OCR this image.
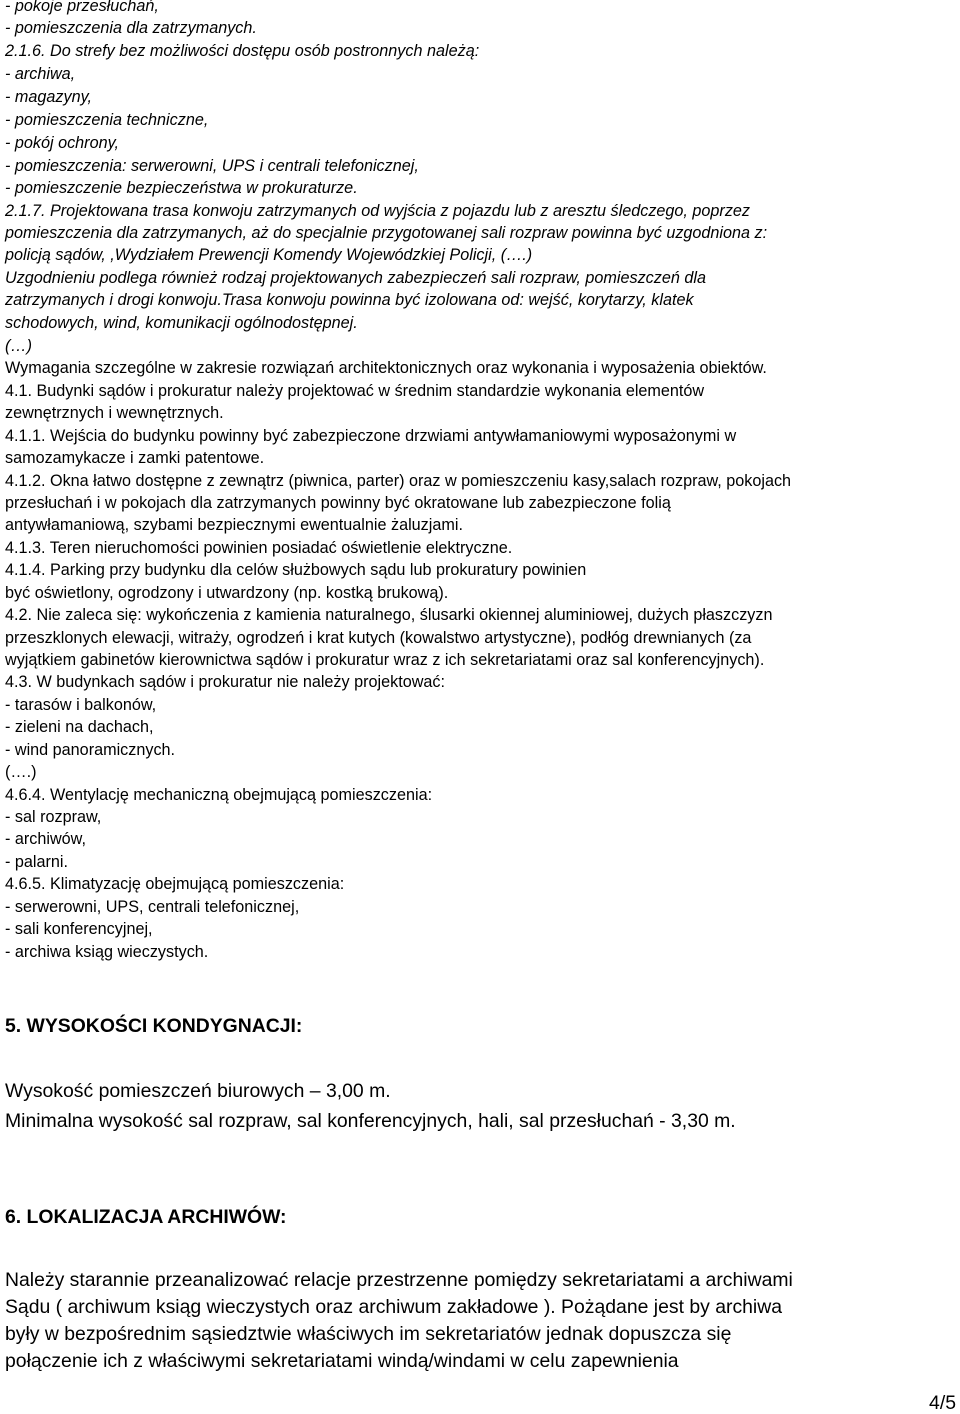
- pokoje przesłuchań,
- pomieszczenia dla zatrzymanych.
2.1.6. Do strefy bez możliwości dostępu osób postronnych należą:
- archiwa,
- magazyny,
- pomieszczenia techniczne,
- pokój ochrony,
- pomieszczenia: serwerowni, UPS i centrali telefonicznej,
- pomieszczenie bezpieczeństwa w prokuraturze.
2.1.7. Projektowana trasa konwoju zatrzymanych od wyjścia z pojazdu lub z aresztu śledczego, poprzez
pomieszczenia dla zatrzymanych, aż do specjalnie przygotowanej sali rozpraw powinna być uzgodniona z:
policją sądów, ,Wydziałem Prewencji Komendy Wojewódzkiej Policji, (….)
Uzgodnieniu podlega również rodzaj projektowanych zabezpieczeń sali rozpraw, pomieszczeń dla
zatrzymanych i drogi konwoju.Trasa konwoju powinna być izolowana od: wejść, korytarzy, klatek
schodowych, wind, komunikacji ogólnodostępnej.
(…)
Wymagania szczególne w zakresie rozwiązań architektonicznych oraz wykonania i wyposażenia obiektów.
4.1. Budynki sądów i prokuratur należy projektować w średnim standardzie wykonania elementów
zewnętrznych i wewnętrznych.
4.1.1. Wejścia do budynku powinny być zabezpieczone drzwiami antywłamaniowymi wyposażonymi w
samozamykacze i zamki patentowe.
4.1.2. Okna łatwo dostępne z zewnątrz (piwnica, parter) oraz w pomieszczeniu kasy,salach rozpraw, pokojach
przesłuchań i w pokojach dla zatrzymanych powinny być okratowane lub zabezpieczone folią
antywłamaniową, szybami bezpiecznymi ewentualnie żaluzjami.
4.1.3. Teren nieruchomości powinien posiadać oświetlenie elektryczne.
4.1.4. Parking przy budynku dla celów służbowych sądu lub prokuratury powinien
być oświetlony, ogrodzony i utwardzony (np. kostką brukową).
4.2. Nie zaleca się: wykończenia z kamienia naturalnego, ślusarki okiennej aluminiowej, dużych płaszczyzn
przeszklonych elewacji, witraży, ogrodzeń i krat kutych (kowalstwo artystyczne), podłóg drewnianych (za
wyjątkiem gabinetów kierownictwa sądów i prokuratur wraz z ich sekretariatami oraz sal konferencyjnych).
4.3. W budynkach sądów i prokuratur nie należy projektować:
- tarasów i balkonów,
- zieleni na dachach,
- wind panoramicznych.
(….)
4.6.4. Wentylację mechaniczną obejmującą pomieszczenia:
- sal rozpraw,
- archiwów,
- palarni.
4.6.5. Klimatyzację obejmującą pomieszczenia:
- serwerowni, UPS, centrali telefonicznej,
- sali konferencyjnej,
- archiwa ksiąg wieczystych.
5. WYSOKOŚCI KONDYGNACJI:
Wysokość pomieszczeń biurowych – 3,00 m.
Minimalna wysokość sal rozpraw, sal konferencyjnych, hali, sal przesłuchań - 3,30 m.
6. LOKALIZACJA ARCHIWÓW:
Należy starannie przeanalizować relacje przestrzenne pomiędzy sekretariatami a archiwami
Sądu ( archiwum ksiąg wieczystych oraz archiwum zakładowe ). Pożądane jest by archiwa
były w bezpośrednim sąsiedztwie właściwych im sekretariatów jednak dopuszcza się
połączenie ich z właściwymi sekretariatami windą/windami w celu zapewnienia
4/5
